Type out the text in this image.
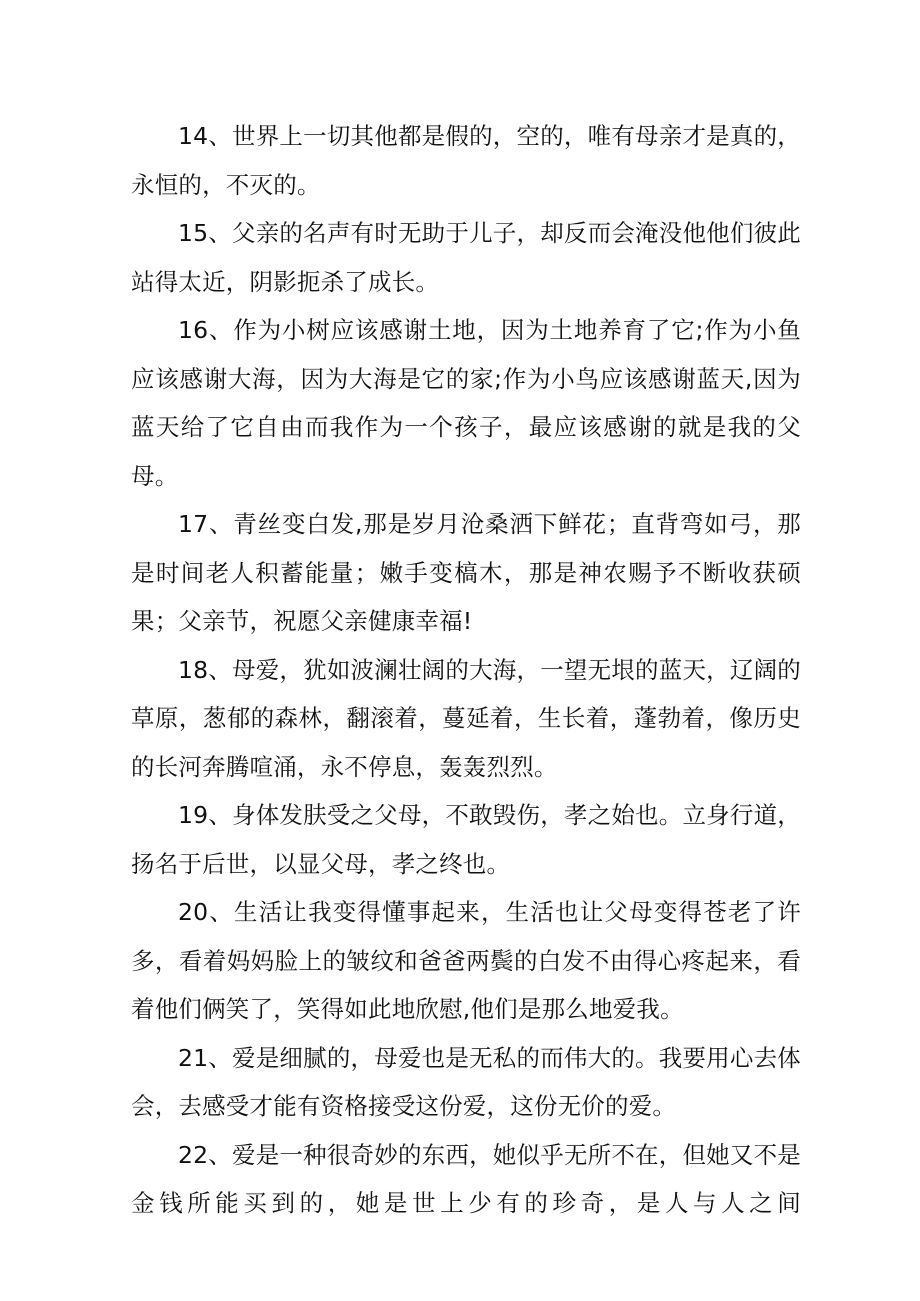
14、世界上一切其他都是假的，空的，唯有母亲才是真的，永恒的，不灭的。

15、父亲的名声有时无助于儿子，却反而会淹没他他们彼此站得太近，阴影扼杀了成长。

16、作为小树应该感谢土地，因为土地养育了它;作为小鱼应该感谢大海，因为大海是它的家;作为小鸟应该感谢蓝天,因为蓝天给了它自由而我作为一个孩子，最应该感谢的就是我的父母。

17、青丝变白发,那是岁月沧桑洒下鲜花；直背弯如弓，那是时间老人积蓄能量；嫩手变槁木，那是神农赐予不断收获硕果；父亲节，祝愿父亲健康幸福!

18、母爱，犹如波澜壮阔的大海，一望无垠的蓝天，辽阔的草原，葱郁的森林，翻滚着，蔓延着，生长着，蓬勃着，像历史的长河奔腾喧涌，永不停息，轰轰烈烈。

19、身体发肤受之父母，不敢毁伤，孝之始也。立身行道，扬名于后世，以显父母，孝之终也。

20、生活让我变得懂事起来，生活也让父母变得苍老了许多，看着妈妈脸上的皱纹和爸爸两鬓的白发不由得心疼起来，看着他们俩笑了，笑得如此地欣慰,他们是那么地爱我。

21、爱是细腻的，母爱也是无私的而伟大的。我要用心去体会，去感受才能有资格接受这份爱，这份无价的爱。

22、爱是一种很奇妙的东西，她似乎无所不在，但她又不是金钱所能买到的，她是世上少有的珍奇，是人与人之间
